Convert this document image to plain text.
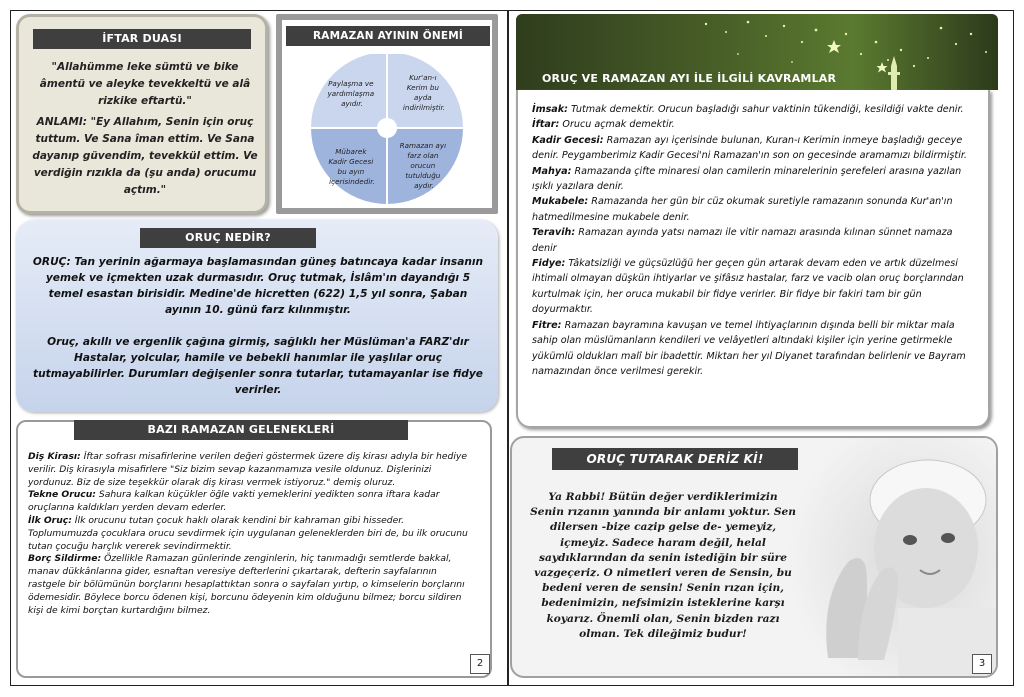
İFTAR DUASI
"Allahümme leke sümtü ve bike âmentü ve aleyke tevekkeltü ve alâ rizkike eftartü."
ANLAMI: "Ey Allahım, Senin için oruç tuttum. Ve Sana îman ettim. Ve Sana dayanıp güvendim, tevekkül ettim. Ve verdiğin rızıkla da (şu anda) orucumu açtım."
RAMAZAN AYININ ÖNEMİ
Paylaşma ve yardımlaşma ayıdır.
Kur'an-ı Kerim bu ayda indirilmiştir.
Mübarek Kadir Gecesi bu ayın içerisindedir.
Ramazan ayı farz olan orucun tutulduğu aydır.
ORUÇ NEDİR?
ORUÇ: Tan yerinin ağarmaya başlamasından güneş batıncaya kadar insanın yemek ve içmekten uzak durmasıdır. Oruç tutmak, İslâm'ın dayandığı 5 temel esastan birisidir. Medine'de hicretten (622) 1,5 yıl sonra, Şaban ayının 10. günü farz kılınmıştır.
Oruç, akıllı ve ergenlik çağına girmiş, sağlıklı her Müslüman'a FARZ'dır Hastalar, yolcular, hamile ve bebekli hanımlar ile yaşlılar oruç tutmayabilirler. Durumları değişenler sonra tutarlar, tutamayanlar ise fidye verirler.
BAZI RAMAZAN GELENEKLERİ
Diş Kirası: İftar sofrası misafirlerine verilen değeri göstermek üzere diş kirası adıyla bir hediye verilir. Diş kirasıyla misafirlere "Siz bizim sevap kazanmamıza vesile oldunuz. Dişlerinizi yordunuz. Biz de size teşekkür olarak diş kirası vermek istiyoruz." demiş oluruz.
Tekne Orucu: Sahura kalkan küçükler öğle vakti yemeklerini yedikten sonra iftara kadar oruçlarına kaldıkları yerden devam ederler.
İlk Oruç: İlk orucunu tutan çocuk haklı olarak kendini bir kahraman gibi hisseder. Toplumumuzda çocuklara orucu sevdirmek için uygulanan geleneklerden biri de, bu ilk orucunu tutan çocuğu harçlık vererek sevindirmektir.
Borç Sildirme: Özellikle Ramazan günlerinde zenginlerin, hiç tanımadığı semtlerde bakkal, manav dükkânlarına gider, esnaftan veresiye defterlerini çıkartarak, defterin sayfalarının rastgele bir bölümünün borçlarını hesaplattıktan sonra o sayfaları yırtıp, o kimselerin borçlarını ödemesidir. Böylece borcu ödenen kişi, borcunu ödeyenin kim olduğunu bilmez; borcu sildiren kişi de kimi borçtan kurtardığını bilmez.
2
ORUÇ VE RAMAZAN AYI İLE İLGİLİ KAVRAMLAR
İmsak: Tutmak demektir. Orucun başladığı sahur vaktinin tükendiği, kesildiği vakte denir.
İftar: Orucu açmak demektir.
Kadir Gecesi: Ramazan ayı içerisinde bulunan, Kuran-ı Kerimin inmeye başladığı geceye denir. Peygamberimiz Kadir Gecesi'ni Ramazan'ın son on gecesinde aramamızı bildirmiştir.
Mahya: Ramazanda çifte minaresi olan camilerin minarelerinin şerefeleri arasına yazılan ışıklı yazılara denir.
Mukabele: Ramazanda her gün bir cüz okumak suretiyle ramazanın sonunda Kur'an'ın hatmedilmesine mukabele denir.
Teravih: Ramazan ayında yatsı namazı ile vitir namazı arasında kılınan sünnet namaza denir
Fidye: Tâkatsizliği ve güçsüzlüğü her geçen gün artarak devam eden ve artık düzelmesi ihtimali olmayan düşkün ihtiyarlar ve şifâsız hastalar, farz ve vacib olan oruç borçlarından kurtulmak için, her oruca mukabil bir fidye verirler. Bir fidye bir fakiri tam bir gün doyurmaktır.
Fitre: Ramazan bayramına kavuşan ve temel ihtiyaçlarının dışında belli bir miktar mala sahip olan müslümanların kendileri ve velâyetleri altındaki kişiler için yerine getirmekle yükümlü oldukları malî bir ibadettir. Miktarı her yıl Diyanet tarafından belirlenir ve Bayram namazından önce verilmesi gerekir.
ORUÇ TUTARAK DERİZ Kİ!
Ya Rabbi! Bütün değer verdiklerimizin Senin rızanın yanında bir anlamı yoktur. Sen dilersen -bize cazip gelse de- yemeyiz, içmeyiz. Sadece haram değil, helal saydıklarından da senin istediğin bir süre vazgeçeriz. O nimetleri veren de Sensin, bu bedeni veren de sensin! Senin rızan için, bedenimizin, nefsimizin isteklerine karşı koyarız. Önemli olan, Senin bizden razı olman. Tek dileğimiz budur!
3
